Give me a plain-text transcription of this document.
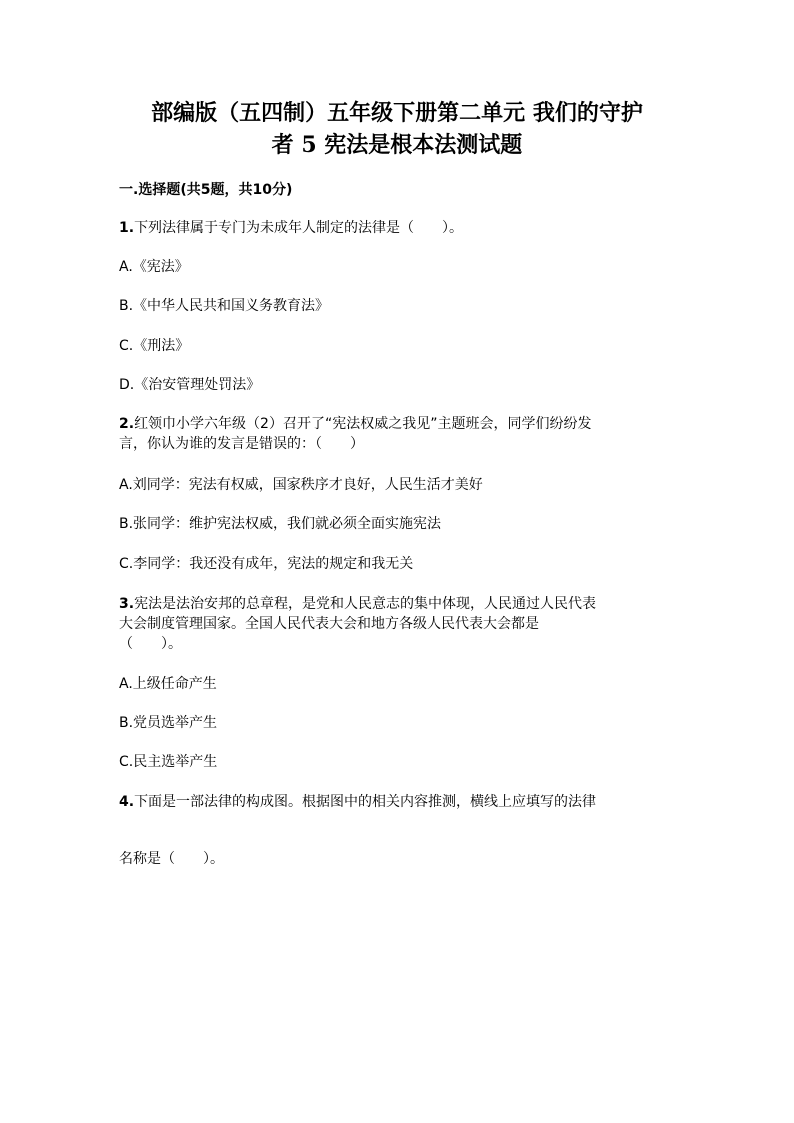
部编版（五四制）五年级下册第二单元 我们的守护
者 5 宪法是根本法测试题
一.选择题(共5题，共10分)
1.下列法律属于专门为未成年人制定的法律是（　　）。
A.《宪法》
B.《中华人民共和国义务教育法》
C.《刑法》
D.《治安管理处罚法》
2.红领巾小学六年级（2）召开了“宪法权威之我见”主题班会，同学们纷纷发
言，你认为谁的发言是错误的：（　　）
A.刘同学：宪法有权威，国家秩序才良好，人民生活才美好
B.张同学：维护宪法权威，我们就必须全面实施宪法
C.李同学：我还没有成年，宪法的规定和我无关
3.宪法是法治安邦的总章程，是党和人民意志的集中体现，人民通过人民代表
大会制度管理国家。全国人民代表大会和地方各级人民代表大会都是
（　　）。
A.上级任命产生
B.党员选举产生
C.民主选举产生
4.下面是一部法律的构成图。根据图中的相关内容推测，横线上应填写的法律
名称是（　　）。
